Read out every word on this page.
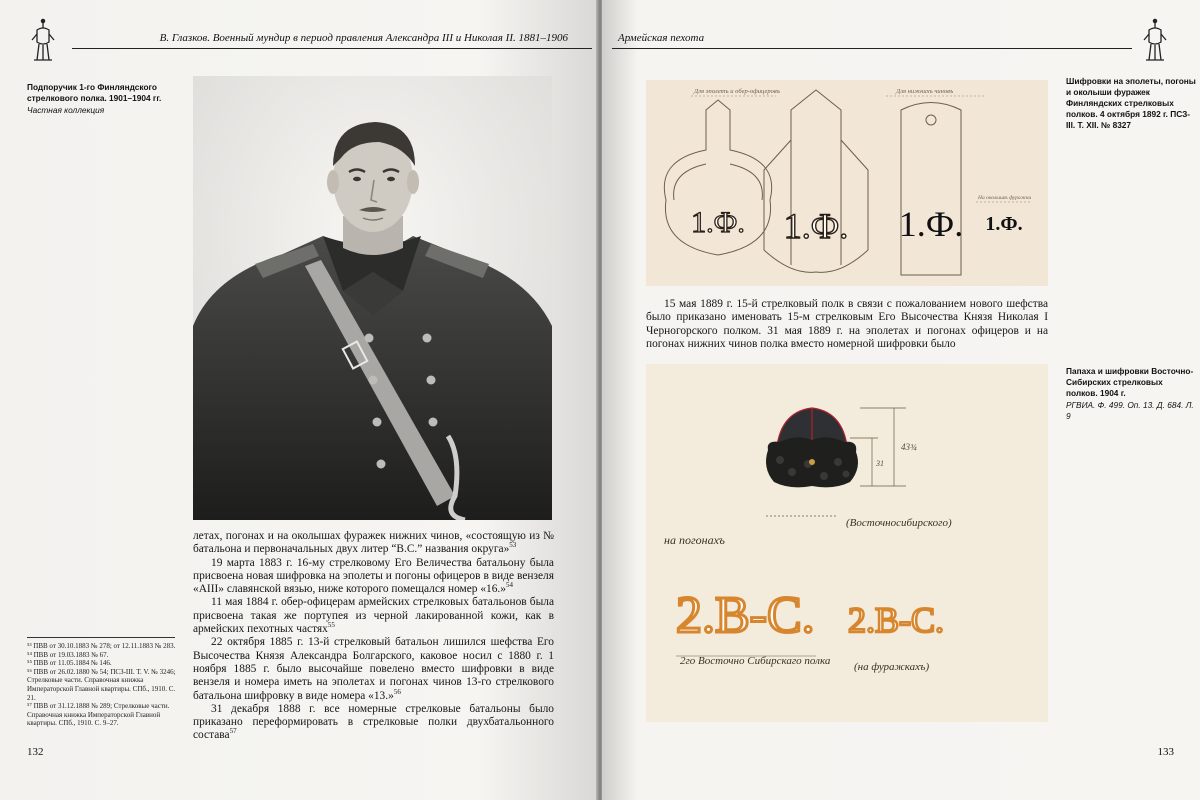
В. Глазков. Военный мундир в период правления Александра III и Николая II. 1881–1906
Подпоручик 1-го Финляндского стрелкового полка. 1901–1904 гг.
Частная коллекция

летах, погонах и на околышах фуражек нижних чинов, «состоящую из № батальона и первоначальных двух литер “В.С.” названия округа»$^{53}$

19 марта 1883 г. 16-му стрелковому Его Величества батальону была присвоена новая шифровка на эполеты и погоны офицеров в виде вензеля «АIII» славянской вязью, ниже которого помещался номер «16.»$^{54}$

11 мая 1884 г. обер-офицерам армейских стрелковых батальонов была присвоена такая же портупея из черной лакированной кожи, как в армейских пехотных частях$^{55}$

22 октября 1885 г. 13-й стрелковый батальон лишился шефства Его Высочества Князя Александра Болгарского, каковое носил с 1880 г. 1 ноября 1885 г. было высочайше повелено вместо шифровки в виде вензеля и номера иметь на эполетах и погонах чинов 13-го стрелкового батальона шифровку в виде номера «13.»$^{56}$

31 декабря 1888 г. все номерные стрелковые батальоны было приказано переформировать в стрелковые полки двухбатальонного состава$^{57}$

⁵³ ПВВ от 30.10.1883 № 278; от 12.11.1883 № 283.
⁵⁴ ПВВ от 19.03.1883 № 67.
⁵⁵ ПВВ от 11.05.1884 № 146.
⁵⁶ ПВВ от 26.02.1880 № 54; ПСЗ-III. Т. V. № 3246; Стрелковые части. Справочная книжка Императорской Главной квартиры. СПб., 1910. С. 21.
⁵⁷ ПВВ от 31.12.1888 № 289; Стрелковые части. Справочная книжка Императорской Главной квартиры. СПб., 1910. С. 9–27.
132
Армейская пехота
Для эполетъ и обер-офицеровъ	Для нижнихъ чиновъ
На околышѣ фуражки
1.Ф. 1.Ф. 1.Ф. 1.Ф.
Шифровки на эполеты, погоны и околыши фуражек Финляндских стрелковых полков. 4 октября 1892 г. ПСЗ-III. Т. XII. № 8327

15 мая 1889 г. 15-й стрелковый полк в связи с пожалованием нового шефства было приказано именовать 15-м стрелковым Его Высочества Князя Николая I Черногорского полком. 31 мая 1889 г. на эполетах и погонах офицеров и на погонах нижних чинов полка вместо номерной шифровки было

43¾
31
(Восточносибирского)
на погонахъ
2.В-С. 2.В-С.
2го Восточно Сибирскаго полка (на фуражкахъ)
Папаха и шифровки Восточно-Сибирских стрелковых полков. 1904 г.
РГВИА. Ф. 499. Оп. 13. Д. 684. Л. 9
133
